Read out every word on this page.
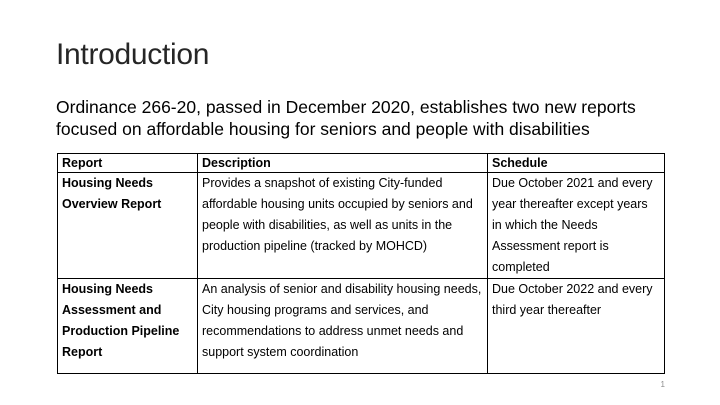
Introduction
Ordinance 266-20, passed in December 2020, establishes two new reports focused on affordable housing for seniors and people with disabilities
Report	Description	Schedule
Housing Needs Overview Report	Provides a snapshot of existing City-funded affordable housing units occupied by seniors and people with disabilities, as well as units in the production pipeline (tracked by MOHCD)	Due October 2021 and every year thereafter except years in which the Needs Assessment report is completed
Housing Needs Assessment and Production Pipeline Report	An analysis of senior and disability housing needs, City housing programs and services, and recommendations to address unmet needs and support system coordination	Due October 2022 and every third year thereafter
1
